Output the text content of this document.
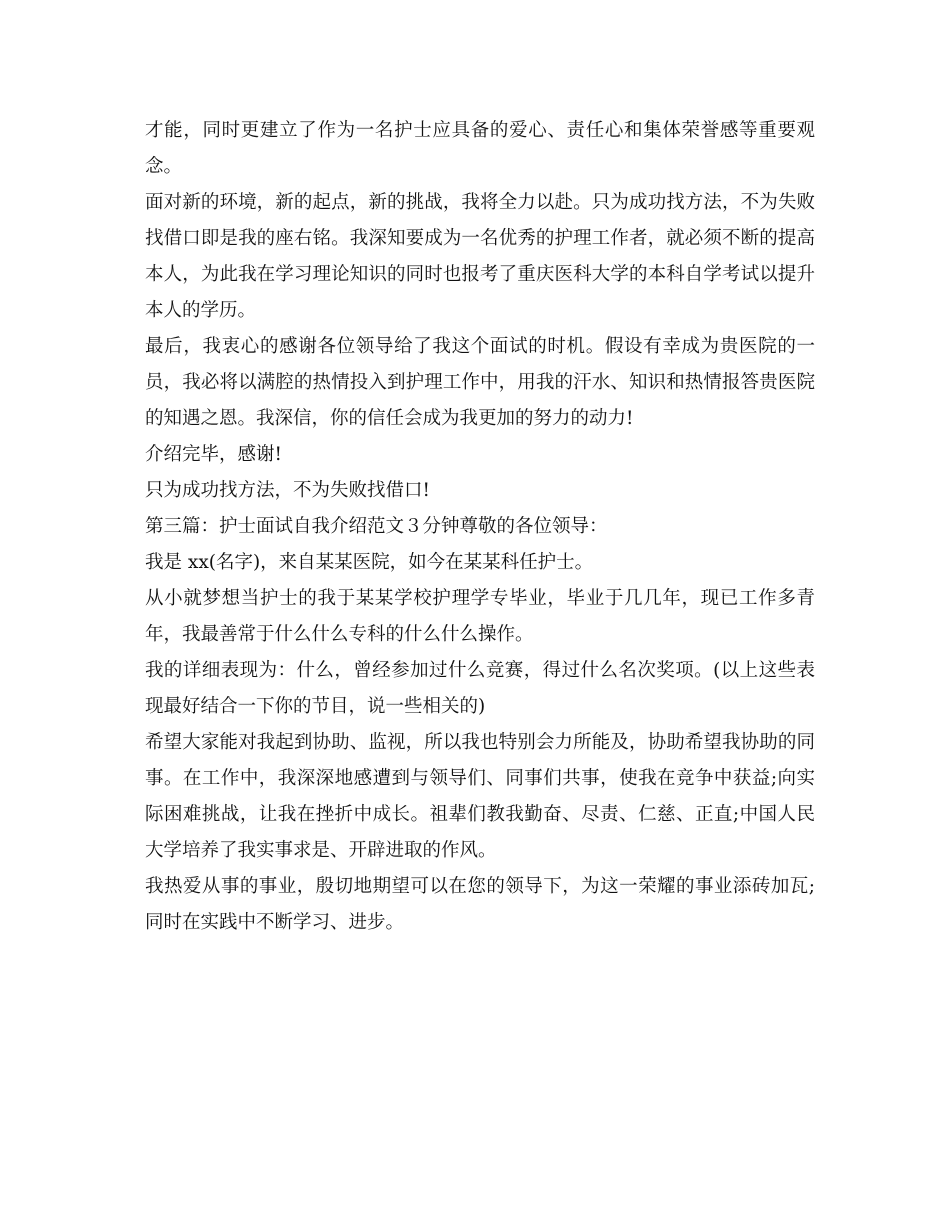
才能，同时更建立了作为一名护士应具备的爱心、责任心和集体荣誉感等重要观念。

面对新的环境，新的起点，新的挑战，我将全力以赴。只为成功找方法，不为失败找借口即是我的座右铭。我深知要成为一名优秀的护理工作者，就必须不断的提高本人，为此我在学习理论知识的同时也报考了重庆医科大学的本科自学考试以提升本人的学历。

最后，我衷心的感谢各位领导给了我这个面试的时机。假设有幸成为贵医院的一员，我必将以满腔的热情投入到护理工作中，用我的汗水、知识和热情报答贵医院的知遇之恩。我深信，你的信任会成为我更加的努力的动力!

介绍完毕，感谢!

只为成功找方法，不为失败找借口!

第三篇：护士面试自我介绍范文３分钟尊敬的各位领导：

我是 xx(名字)，来自某某医院，如今在某某科任护士。

从小就梦想当护士的我于某某学校护理学专毕业，毕业于几几年，现已工作多青年，我最善常于什么什么专科的什么什么操作。

我的详细表现为：什么，曾经参加过什么竞赛，得过什么名次奖项。(以上这些表现最好结合一下你的节目，说一些相关的)

希望大家能对我起到协助、监视，所以我也特别会力所能及，协助希望我协助的同事。在工作中，我深深地感遭到与领导们、同事们共事，使我在竞争中获益;向实际困难挑战，让我在挫折中成长。祖辈们教我勤奋、尽责、仁慈、正直;中国人民大学培养了我实事求是、开辟进取的作风。

我热爱从事的事业，殷切地期望可以在您的领导下，为这一荣耀的事业添砖加瓦;同时在实践中不断学习、进步。
